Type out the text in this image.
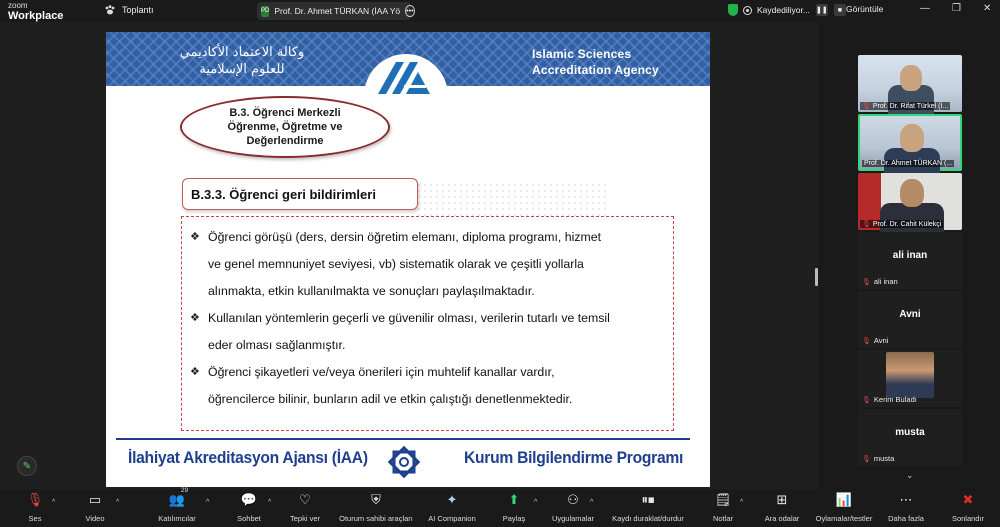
zoom
Workplace	Toplantı	PD Prof. Dr. Ahmet TÜRKAN (İAA Yö •••	Kaydediliyor... ❚❚	■ Görüntüle	— ❐ ✕
وكالة الاعتماد الأكاديمي
للعلوم الإسلامية
Islamic Sciences
Accreditation Agency
B.3. Öğrenci Merkezli
Öğrenme, Öğretme ve
Değerlendirme
B.3.3. Öğrenci geri bildirimleri
❖ Öğrenci görüşü (ders, dersin öğretim elemanı, diploma programı, hizmet
ve genel memnuniyet seviyesi, vb) sistematik olarak ve çeşitli yollarla
alınmakta, etkin kullanılmakta ve sonuçları paylaşılmaktadır.
❖ Kullanılan yöntemlerin geçerli ve güvenilir olması, verilerin tutarlı ve temsil
eder olması sağlanmıştır.
❖ Öğrenci şikayetleri ve/veya önerileri için muhtelif kanallar vardır,
öğrencilerce bilinir, bunların adil ve etkin çalıştığı denetlenmektedir.
İlahiyat Akreditasyon Ajansı (İAA)	Kurum Bilgilendirme Programı
✎
🎙 Prof. Dr. Rifat Türkel (İ...
Prof. Dr. Ahmet TÜRKAN (...
🎙 Prof. Dr. Cahit Külekçi
ali inan
🎙 ali inan
Avni
🎙 Avni
🎙 Kerim Buladı
musta
🎙 musta
⌄
🎙
Ses
^	▭
Video
^	👥
29
Katılımcılar
^ 💬
Sohbet
^ ♡
Tepki ver
⛨
Oturum sahibi araçları
✦
AI Companion
⬆
Paylaş
^ ⚇
Uygulamalar
^	⏸⏹
Kaydı duraklat/durdur
🗒
Notlar
^	⊞
Ara odalar
📊
Oylamalar/testler
⋯
Daha fazla
✖
Sonlandır
